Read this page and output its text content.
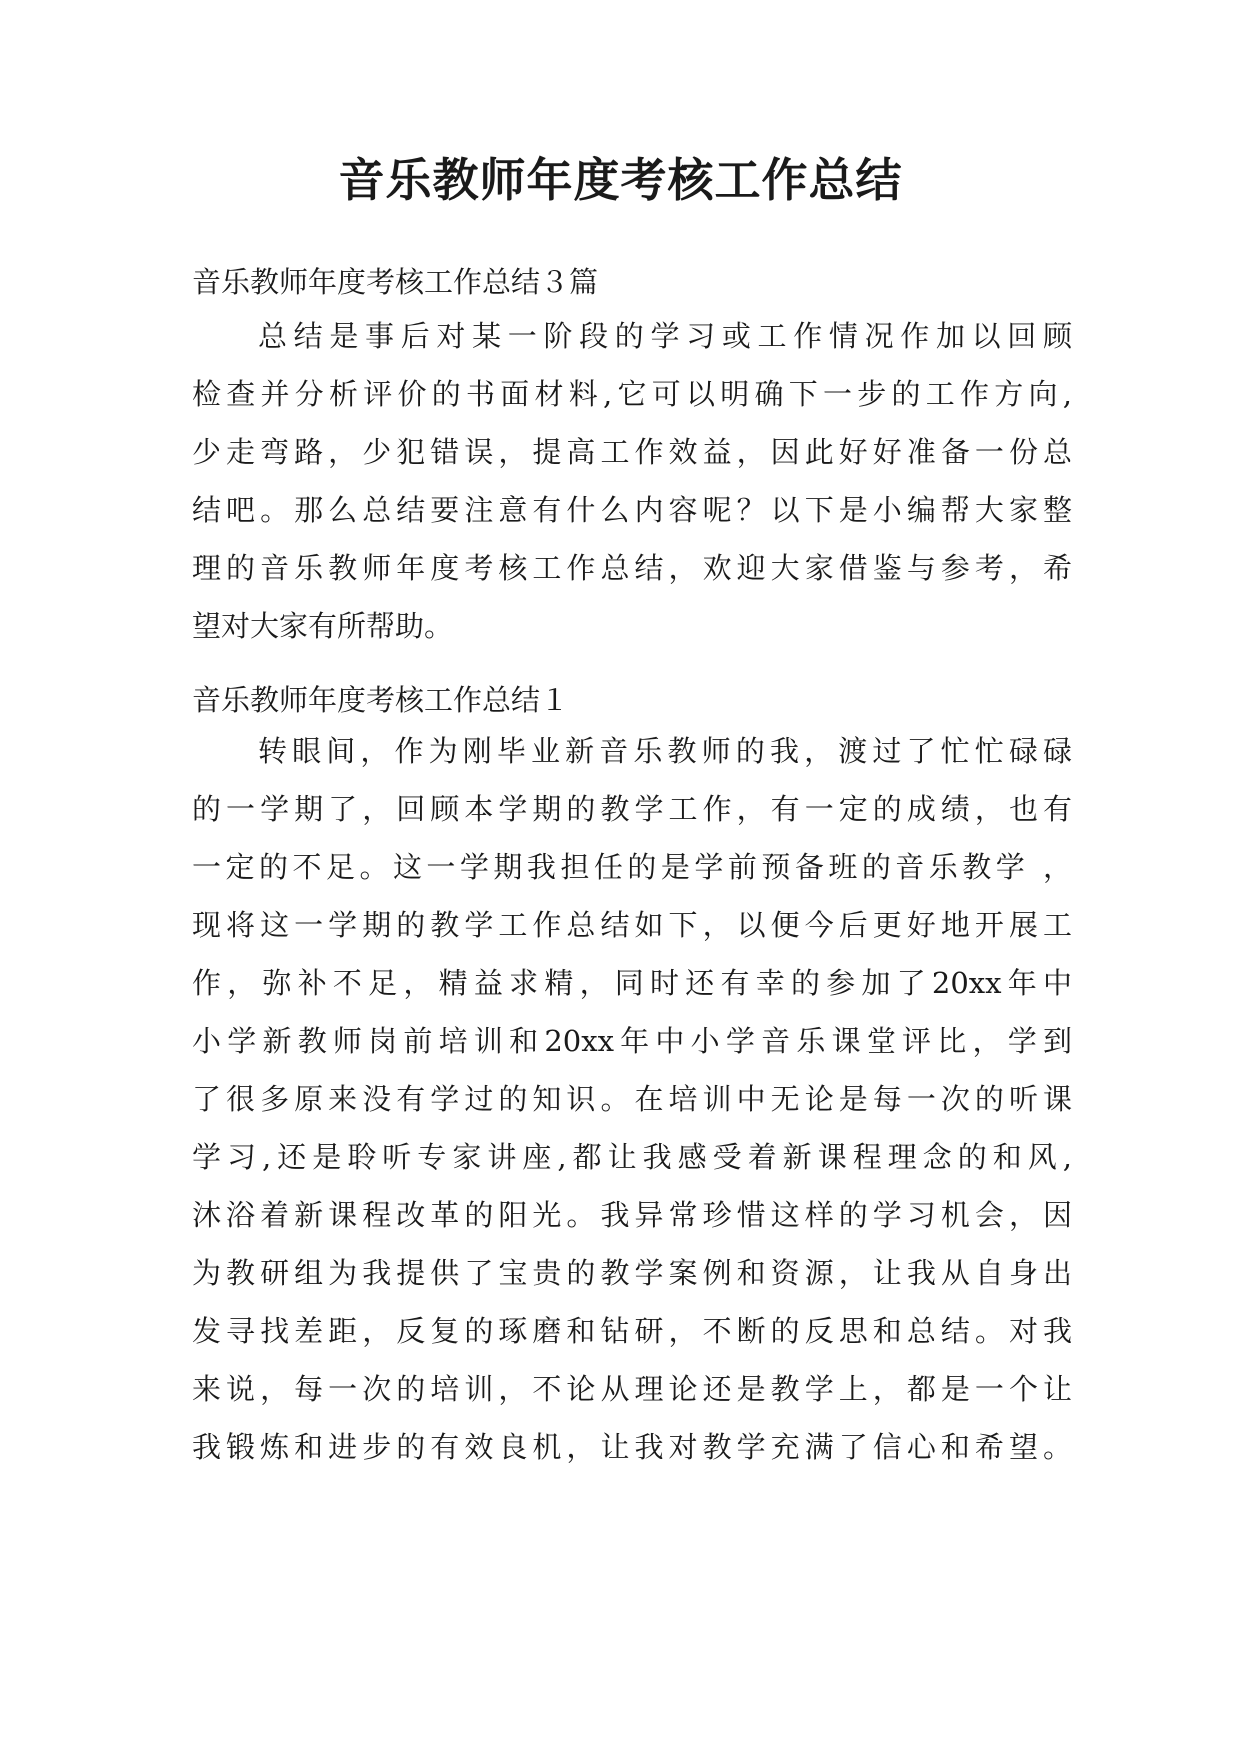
音乐教师年度考核工作总结

音乐教师年度考核工作总结３篇

总结是事后对某一阶段的学习或工作情况作加以回顾
检查并分析评价的书面材料,它可以明确下一步的工作方向,
少走弯路，少犯错误，提高工作效益，因此好好准备一份总
结吧。那么总结要注意有什么内容呢？以下是小编帮大家整
理的音乐教师年度考核工作总结，欢迎大家借鉴与参考，希
望对大家有所帮助。

音乐教师年度考核工作总结１

转眼间，作为刚毕业新音乐教师的我，渡过了忙忙碌碌
的一学期了，回顾本学期的教学工作，有一定的成绩，也有
一定的不足。这一学期我担任的是学前预备班的音乐教学 ，
现将这一学期的教学工作总结如下，以便今后更好地开展工
作，弥补不足，精益求精，同时还有幸的参加了20xx年中
小学新教师岗前培训和20xx年中小学音乐课堂评比，学到
了很多原来没有学过的知识。在培训中无论是每一次的听课
学习,还是聆听专家讲座,都让我感受着新课程理念的和风,
沐浴着新课程改革的阳光。我异常珍惜这样的学习机会，因
为教研组为我提供了宝贵的教学案例和资源，让我从自身出
发寻找差距，反复的琢磨和钻研，不断的反思和总结。对我
来说，每一次的培训，不论从理论还是教学上，都是一个让
我锻炼和进步的有效良机，让我对教学充满了信心和希望。
